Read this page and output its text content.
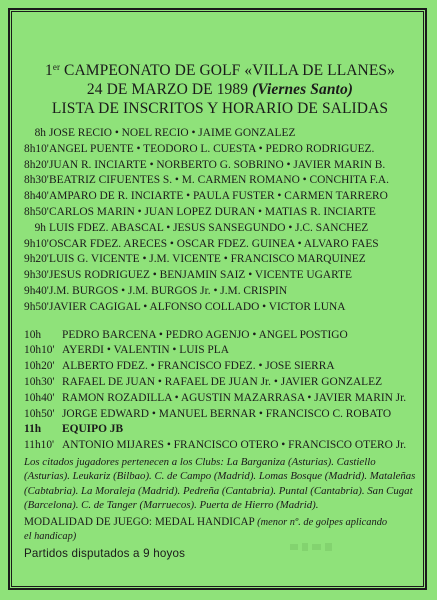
1er CAMPEONATO DE GOLF «VILLA DE LLANES»
24 DE MARZO DE 1989 (Viernes Santo)
LISTA DE INSCRITOS Y HORARIO DE SALIDAS
8h JOSE RECIO • NOEL RECIO • JAIME GONZALEZ
8h10' ANGEL PUENTE • TEODORO L. CUESTA • PEDRO RODRIGUEZ.
8h20' JUAN R. INCIARTE • NORBERTO G. SOBRINO • JAVIER MARIN B.
8h30' BEATRIZ CIFUENTES S. • M. CARMEN ROMANO • CONCHITA F.A.
8h40' AMPARO DE R. INCIARTE • PAULA FUSTER • CARMEN TARRERO
8h50' CARLOS MARIN • JUAN LOPEZ DURAN • MATIAS R. INCIARTE
9h LUIS FDEZ. ABASCAL • JESUS SANSEGUNDO • J.C. SANCHEZ
9h10' OSCAR FDEZ. ARECES • OSCAR FDEZ. GUINEA • ALVARO FAES
9h20' LUIS G. VICENTE • J.M. VICENTE • FRANCISCO MARQUINEZ
9h30' JESUS RODRIGUEZ • BENJAMIN SAIZ • VICENTE UGARTE
9h40' J.M. BURGOS • J.M. BURGOS Jr. • J.M. CRISPIN
9h50' JAVIER CAGIGAL • ALFONSO COLLADO • VICTOR LUNA
10h	PEDRO BARCENA • PEDRO AGENJO • ANGEL POSTIGO
10h10' AYERDI • VALENTIN • LUIS PLA
10h20' ALBERTO FDEZ. • FRANCISCO FDEZ. • JOSE SIERRA
10h30' RAFAEL DE JUAN • RAFAEL DE JUAN Jr. • JAVIER GONZALEZ
10h40' RAMON ROZADILLA • AGUSTIN MAZARRASA • JAVIER MARIN Jr.
10h50' JORGE EDWARD • MANUEL BERNAR • FRANCISCO C. ROBATO
11h	EQUIPO JB
11h10' ANTONIO MIJARES • FRANCISCO OTERO • FRANCISCO OTERO Jr.
Los citados jugadores pertenecen a los Clubs: La Barganiza (Asturias). Castiello (Asturias). Leukariz (Bilbao). C. de Campo (Madrid). Lomas Bosque (Madrid). Mataleñas (Cabtabria). La Moraleja (Madrid). Pedreña (Cantabria). Puntal (Cantabria). San Cugat (Barcelona). C. de Tanger (Marruecos). Puerta de Hierro (Madrid).
MODALIDAD DE JUEGO: MEDAL HANDICAP (menor nº. de golpes aplicando
el handicap)
Partidos disputados a 9 hoyos
